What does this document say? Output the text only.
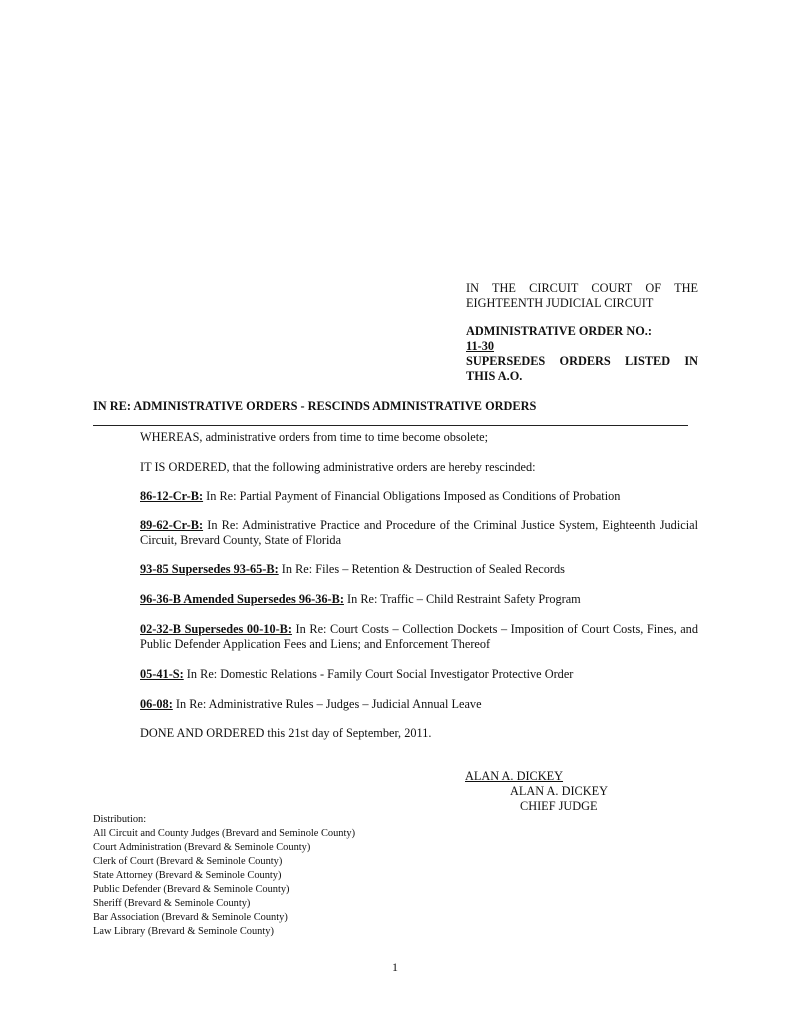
IN THE CIRCUIT COURT OF THE
EIGHTEENTH JUDICIAL CIRCUIT
ADMINISTRATIVE ORDER NO.:
11-30
SUPERSEDES ORDERS LISTED IN
THIS A.O.
IN RE: ADMINISTRATIVE ORDERS - RESCINDS ADMINISTRATIVE ORDERS
WHEREAS, administrative orders from time to time become obsolete;
IT IS ORDERED, that the following administrative orders are hereby rescinded:
86-12-Cr-B: In Re: Partial Payment of Financial Obligations Imposed as Conditions of Probation
89-62-Cr-B: In Re: Administrative Practice and Procedure of the Criminal Justice System, Eighteenth Judicial Circuit, Brevard County, State of Florida
93-85 Supersedes 93-65-B: In Re: Files – Retention & Destruction of Sealed Records
96-36-B Amended Supersedes 96-36-B: In Re: Traffic – Child Restraint Safety Program
02-32-B Supersedes 00-10-B: In Re: Court Costs – Collection Dockets – Imposition of Court Costs, Fines, and Public Defender Application Fees and Liens; and Enforcement Thereof
05-41-S: In Re: Domestic Relations - Family Court Social Investigator Protective Order
06-08: In Re: Administrative Rules – Judges – Judicial Annual Leave
DONE AND ORDERED this 21st day of September, 2011.
ALAN A. DICKEY
ALAN A. DICKEY
CHIEF JUDGE
Distribution:
All Circuit and County Judges (Brevard and Seminole County)
Court Administration (Brevard & Seminole County)
Clerk of Court (Brevard & Seminole County)
State Attorney (Brevard & Seminole County)
Public Defender (Brevard & Seminole County)
Sheriff (Brevard & Seminole County)
Bar Association (Brevard & Seminole County)
Law Library (Brevard & Seminole County)
1
